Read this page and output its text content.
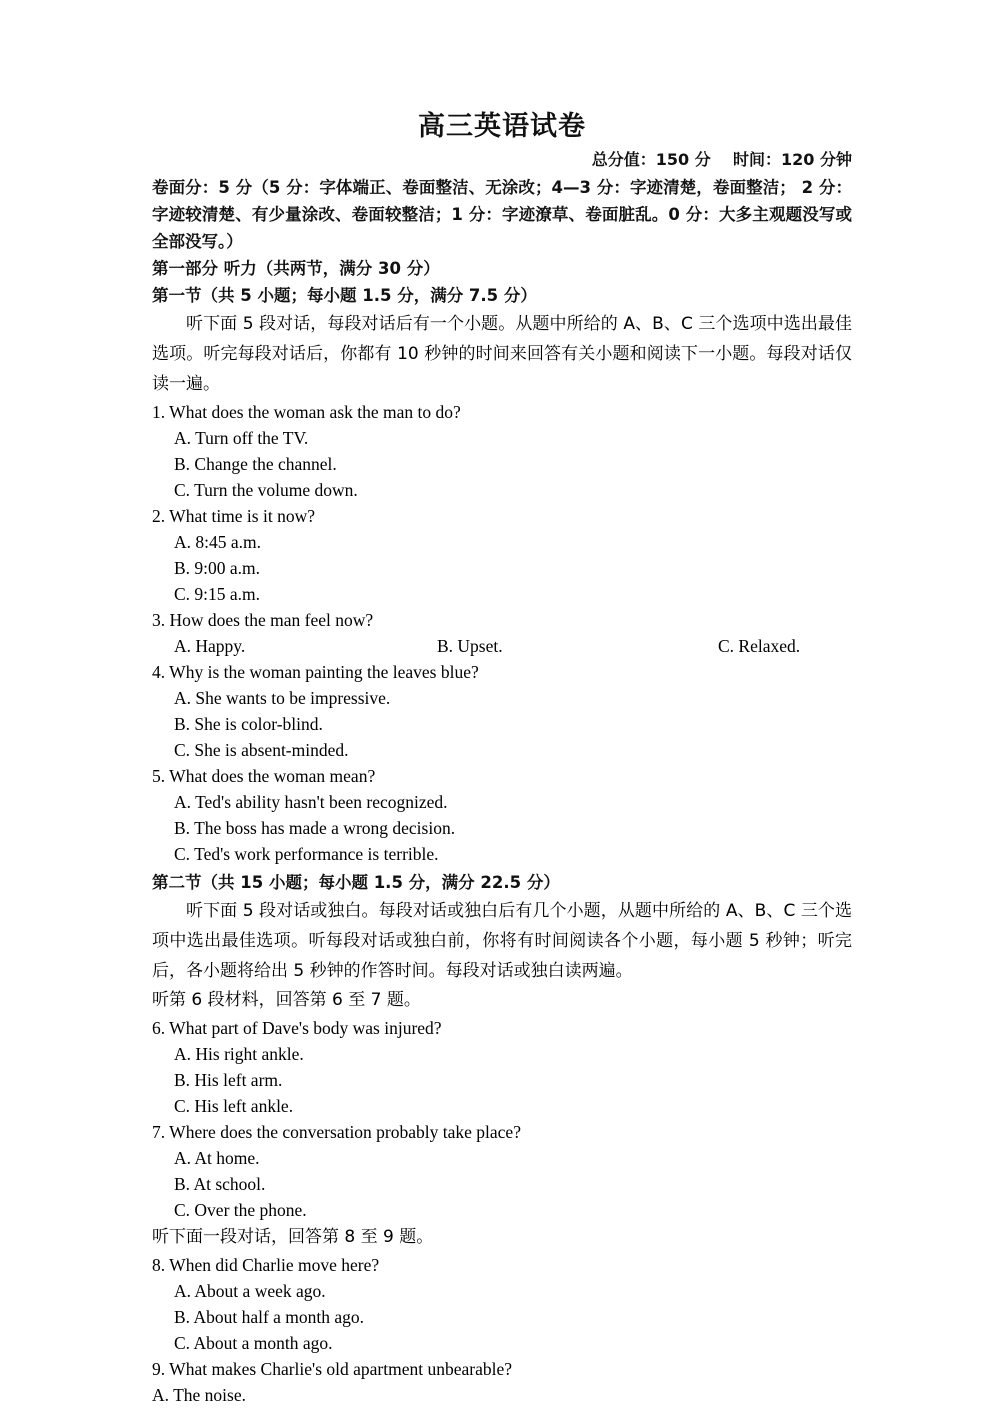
高三英语试卷
总分值：150 分    时间：120 分钟

卷面分：5 分（5 分：字体端正、卷面整洁、无涂改；4—3 分：字迹清楚，卷面整洁； 2 分：字迹较清楚、有少量涂改、卷面较整洁；1 分：字迹潦草、卷面脏乱。0 分：大多主观题没写或全部没写。）

第一部分 听力（共两节，满分 30 分）
第一节（共 5 小题；每小题 1.5 分，满分 7.5 分）

听下面 5 段对话，每段对话后有一个小题。从题中所给的 A、B、C 三个选项中选出最佳选项。听完每段对话后，你都有 10 秒钟的时间来回答有关小题和阅读下一小题。每段对话仅读一遍。

1. What does the woman ask the man to do?

A. Turn off the TV.

B. Change the channel.

C. Turn the volume down.

2. What time is it now?

A. 8:45 a.m.

B. 9:00 a.m.

C. 9:15 a.m.

3. How does the man feel now?

A. Happy.	B. Upset.	C. Relaxed.

4. Why is the woman painting the leaves blue?

A. She wants to be impressive.

B. She is color-blind.

C. She is absent-minded.

5. What does the woman mean?

A. Ted's ability hasn't been recognized.

B. The boss has made a wrong decision.

C. Ted's work performance is terrible.

第二节（共 15 小题；每小题 1.5 分，满分 22.5 分）

听下面 5 段对话或独白。每段对话或独白后有几个小题，从题中所给的 A、B、C 三个选项中选出最佳选项。听每段对话或独白前，你将有时间阅读各个小题，每小题 5 秒钟；听完后，各小题将给出 5 秒钟的作答时间。每段对话或独白读两遍。

听第 6 段材料，回答第 6 至 7 题。

6. What part of Dave's body was injured?

A. His right ankle.

B. His left arm.

C. His left ankle.

7. Where does the conversation probably take place?

A. At home.

B. At school.

C. Over the phone.

听下面一段对话，回答第 8 至 9 题。

8. When did Charlie move here?

A. About a week ago.

B. About half a month ago.

C. About a month ago.

9. What makes Charlie's old apartment unbearable?

A. The noise.
